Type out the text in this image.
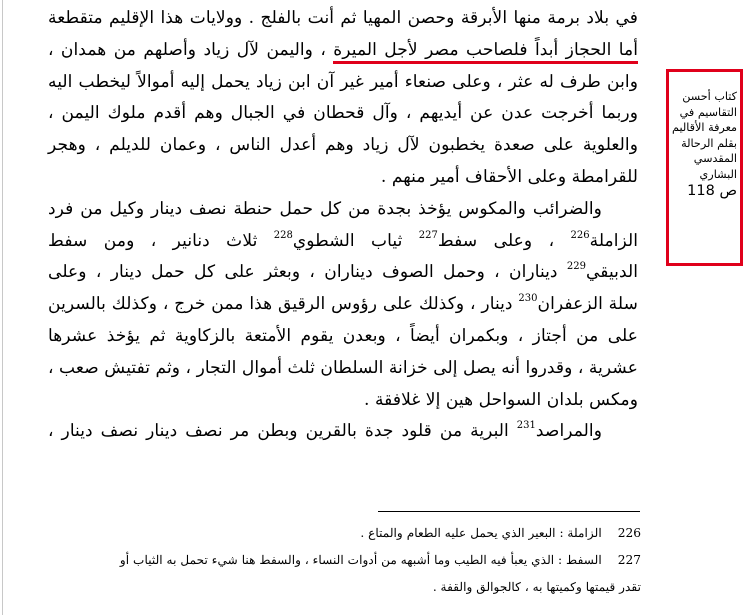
في بلاد برمة منها الأبرقة وحصن المهيا ثم أنت بالفلج . وولايات هذا الإقليم متقطعة
أما الحجاز أبداً فلصاحب مصر لأجل الميرة ، واليمن لآل زياد وأصلهم من همدان ،
وابن طرف له عثر ، وعلى صنعاء أمير غير آن ابن زياد يحمل إليه أموالاً ليخطب اليه
وربما أخرجت عدن عن أيديهم ، وآل قحطان في الجبال وهم أقدم ملوك اليمن ،
والعلوية على صعدة يخطبون لآل زياد وهم أعدل الناس ، وعمان للديلم ، وهجر
للقرامطة وعلى الأحقاف أمير منهم .
والضرائب والمكوس يؤخذ بجدة من كل حمل حنطة نصف دينار وكيل من فرد
الزاملة$^{226}$ ، وعلى سفط$^{227}$ ثياب الشطوي$^{228}$ ثلاث دنانير ، ومن سفط
الدبيقي$^{229}$ ديناران ، وحمل الصوف ديناران ، وبعثر على كل حمل دينار ، وعلى
سلة الزعفران$^{230}$ دينار ، وكذلك على رؤوس الرقيق هذا ممن خرج ، وكذلك بالسرين
على من أجتاز ، وبكمران أيضاً ، وبعدن يقوم الأمتعة بالزكاوية ثم يؤخذ عشرها
عشرية ، وقدروا أنه يصل إلى خزانة السلطان ثلث أموال التجار ، وثم تفتيش صعب ،
ومكس بلدان السواحل هين إلا غلافقة .
والمراصد$^{231}$ البرية من قلود جدة بالقرين وبطن مر نصف دينار نصف دينار ،
كتاب أحسن
التقاسيم في
معرفة الأقاليم
بقلم الرحالة
المقدسي
البشاري
ص 118
226الزاملة : البعير الذي يحمل عليه الطعام والمتاع .
227السفط : الذي يعبأ فيه الطيب وما أشبهه من أدوات النساء ، والسفط هنا شيء تحمل به الثياب أو
تقدر قيمتها وكميتها به ، كالجوالق والقفة .
